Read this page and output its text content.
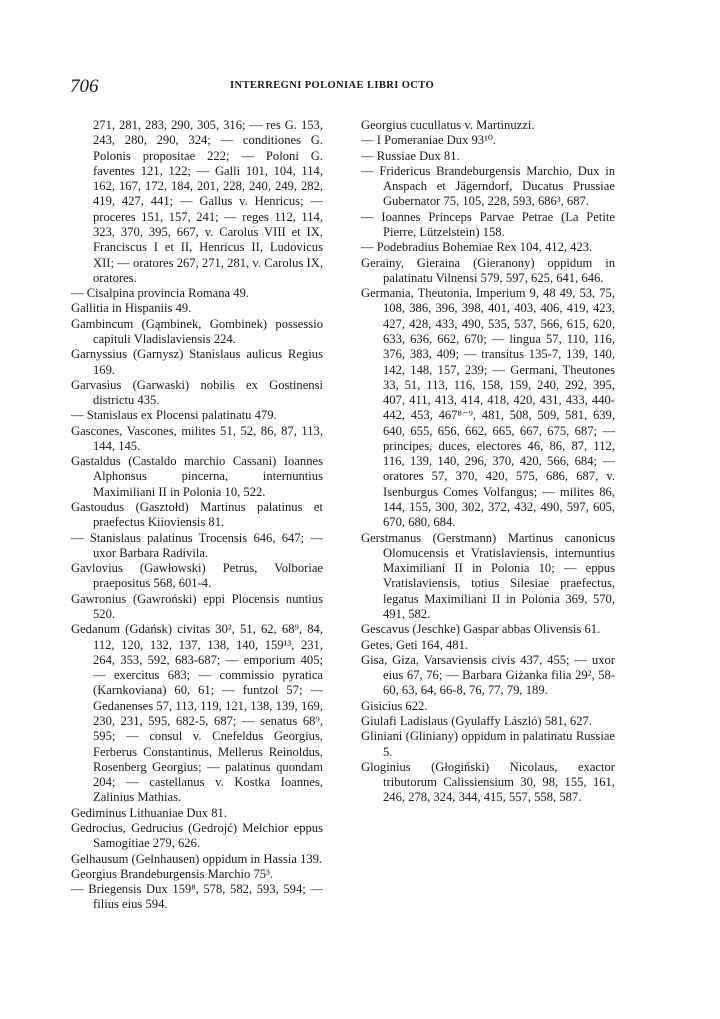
706	INTERREGNI POLONIAE LIBRI OCTO

271, 281, 283, 290, 305, 316; — res G. 153, 243, 280, 290, 324; — conditiones G. Polonis propositae 222; — Poloni G. faventes 121, 122; — Galli 101, 104, 114, 162, 167, 172, 184, 201, 228, 240, 249, 282, 419, 427, 441; — Gallus v. Henricus; — proceres 151, 157, 241; — reges 112, 114, 323, 370, 395, 667, v. Carolus VIII et IX, Franciscus I et II, Henricus II, Ludovicus XII; — oratores 267, 271, 281, v. Carolus IX, oratores.

— Cisalpina provincia Romana 49.

Gallitia in Hispaniis 49.

Gambincum (Gąmbinek, Gombinek) possessio capituli Vladislaviensis 224.

Garnyssius (Garnysz) Stanislaus aulicus Regius 169.

Garvasius (Garwaski) nobilis ex Gostinensi districtu 435.

— Stanislaus ex Plocensi palatinatu 479.

Gascones, Vascones, milites 51, 52, 86, 87, 113, 144, 145.

Gastaldus (Castaldo marchio Cassani) Ioannes Alphonsus pincerna, internuntius Maximiliani II in Polonia 10, 522.

Gastoudus (Gasztołd) Martinus palatinus et praefectus Kiioviensis 81.

— Stanislaus palatinus Trocensis 646, 647; — uxor Barbara Radivila.

Gavlovius (Gawłowski) Petrus, Volboriae praepositus 568, 601-4.

Gawronius (Gawroński) eppi Plocensis nuntius 520.

Gedanum (Gdańsk) civitas 30², 51, 62, 68⁹, 84, 112, 120, 132, 137, 138, 140, 159¹³, 231, 264, 353, 592, 683-687; — emporium 405; — exercitus 683; — commissio pyratica (Karnkoviana) 60, 61; — funtzol 57; — Gedanenses 57, 113, 119, 121, 138, 139, 169, 230, 231, 595, 682-5, 687; — senatus 68⁹, 595; — consul v. Cnefeldus Georgius, Ferberus Constantinus, Mellerus Reinoldus, Rosenberg Georgius; — palatinus quondam 204; — castellanus v. Kostka Ioannes, Zalinius Mathias.

Gediminus Lithuaniae Dux 81.

Gedrocius, Gedrucius (Gedrojć) Melchior eppus Samogitiae 279, 626.

Gelhausum (Gelnhausen) oppidum in Hassia 139.

Georgius Brandeburgensis Marchio 75³.

— Briegensis Dux 159⁸, 578, 582, 593, 594; — filius eius 594.

Georgius cucullatus v. Martinuzzi.

— I Pomeraniae Dux 93¹⁰.

— Russiae Dux 81.

— Fridericus Brandeburgensis Marchio, Dux in Anspach et Jägerndorf, Ducatus Prussiae Gubernator 75, 105, 228, 593, 686³, 687.

— Ioannes Princeps Parvae Petrae (La Petite Pierre, Lützelstein) 158.

— Podebradius Bohemiae Rex 104, 412, 423.

Gerainy, Gieraina (Gieranony) oppidum in palatinatu Vilnensi 579, 597, 625, 641, 646.

Germania, Theutonia, Imperium 9, 48 49, 53, 75, 108, 386, 396, 398, 401, 403, 406, 419, 423, 427, 428, 433, 490, 535, 537, 566, 615, 620, 633, 636, 662, 670; — lingua 57, 110, 116, 376, 383, 409; — transitus 135-7, 139, 140, 142, 148, 157, 239; — Germani, Theutones 33, 51, 113, 116, 158, 159, 240, 292, 395, 407, 411, 413, 414, 418, 420, 431, 433, 440-442, 453, 467⁸⁻⁹, 481, 508, 509, 581, 639, 640, 655, 656, 662, 665, 667, 675, 687; — principes, duces, electores 46, 86, 87, 112, 116, 139, 140, 296, 370, 420, 566, 684; — oratores 57, 370, 420, 575, 686, 687, v. Isenburgus Comes Volfangus; — milites 86, 144, 155, 300, 302, 372, 432, 490, 597, 605, 670, 680, 684.

Gerstmanus (Gerstmann) Martinus canonicus Olomucensis et Vratislaviensis, internuntius Maximiliani II in Polonia 10; — eppus Vratislaviensis, totius Silesiae praefectus, legatus Maximiliani II in Polonia 369, 570, 491, 582.

Gescavus (Jeschke) Gaspar abbas Olivensis 61.

Getes, Geti 164, 481.

Gisa, Giza, Varsaviensis civis 437, 455; — uxor eius 67, 76; — Barbara Giżanka filia 29², 58-60, 63, 64, 66-8, 76, 77, 79, 189.

Gisicius 622.

Giulafi Ladislaus (Gyulaffy László) 581, 627.

Gliniani (Gliniany) oppidum in palatinatu Russiae 5.

Gloginius (Głogiński) Nicolaus, exactor tributorum Calissiensium 30, 98, 155, 161, 246, 278, 324, 344, 415, 557, 558, 587.
